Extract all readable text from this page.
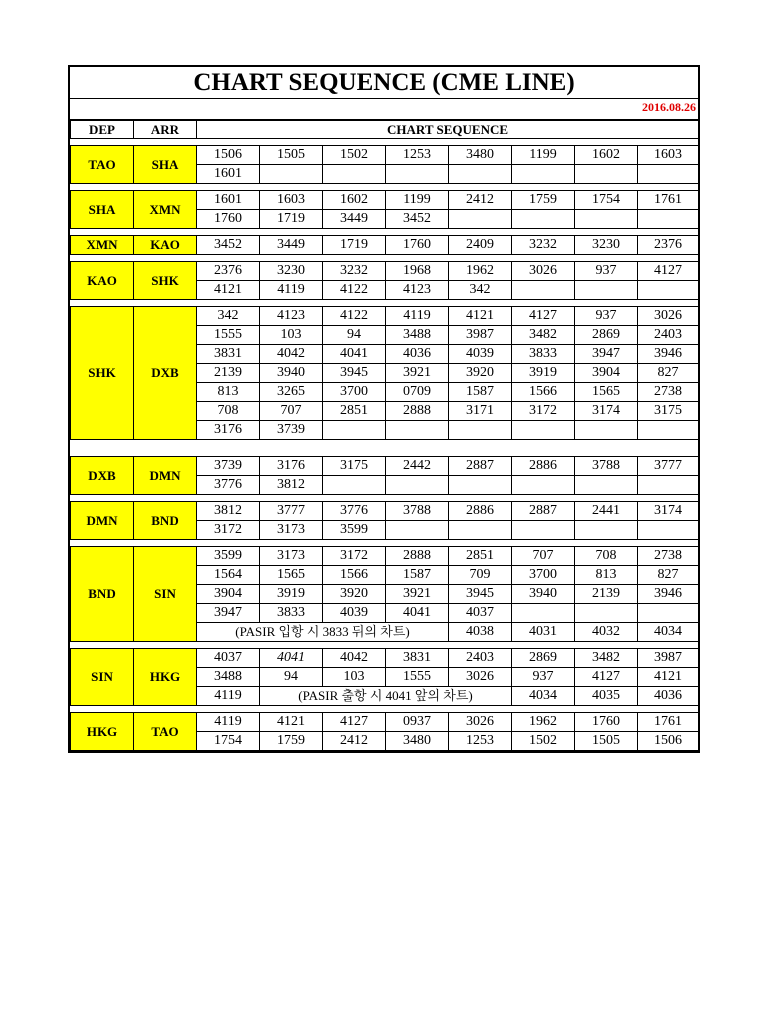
CHART SEQUENCE (CME LINE)
2016.08.26
DEP	ARR	CHART SEQUENCE							

TAO	SHA	1506	1505	1502	1253	3480	1199	1602	1603
		1601							

SHA	XMN	1601	1603	1602	1199	2412	1759	1754	1761
		1760	1719	3449	3452				

XMN	KAO	3452	3449	1719	1760	2409	3232	3230	2376

KAO	SHK	2376	3230	3232	1968	1962	3026	937	4127
		4121	4119	4122	4123	342			

SHK	DXB	342	4123	4122	4119	4121	4127	937	3026
		1555	103	94	3488	3987	3482	2869	2403
		3831	4042	4041	4036	4039	3833	3947	3946
		2139	3940	3945	3921	3920	3919	3904	827
		813	3265	3700	0709	1587	1566	1565	2738
		708	707	2851	2888	3171	3172	3174	3175
		3176	3739						

DXB	DMN	3739	3176	3175	2442	2887	2886	3788	3777
		3776	3812						

DMN	BND	3812	3777	3776	3788	2886	2887	2441	3174
		3172	3173	3599					

BND	SIN	3599	3173	3172	2888	2851	707	708	2738
		1564	1565	1566	1587	709	3700	813	827
		3904	3919	3920	3921	3945	3940	2139	3946
		3947	3833	4039	4041	4037			
		(PASIR 입항 시 3833 뒤의 차트)				4038	4031	4032	4034

SIN	HKG	4037	4041	4042	3831	2403	2869	3482	3987
		3488	94	103	1555	3026	937	4127	4121
		4119	(PASIR 출항 시 4041 앞의 차트)				4034	4035	4036

HKG	TAO	4119	4121	4127	0937	3026	1962	1760	1761
		1754	1759	2412	3480	1253	1502	1505	1506
